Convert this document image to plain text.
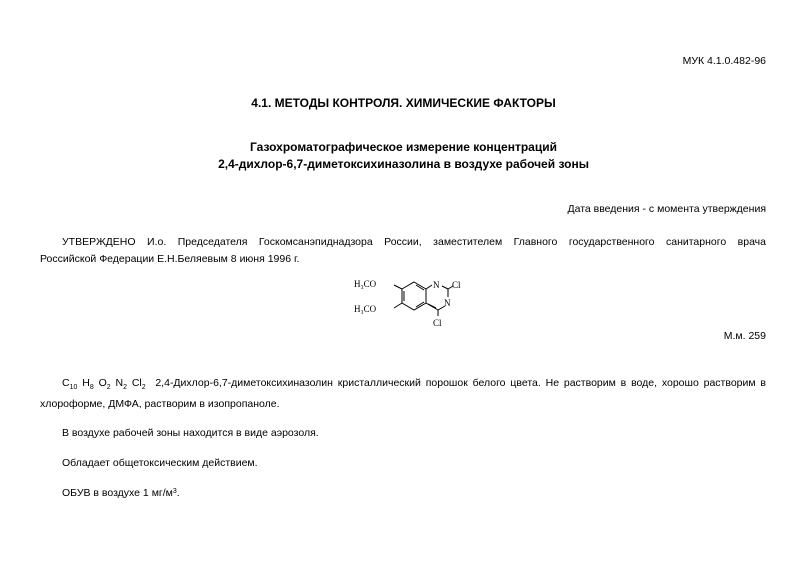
МУК 4.1.0.482-96
4.1. МЕТОДЫ КОНТРОЛЯ. ХИМИЧЕСКИЕ ФАКТОРЫ
Газохроматографическое измерение концентраций
2,4-дихлор-6,7-диметоксихиназолина в воздухе рабочей зоны
Дата введения - с момента утверждения
УТВЕРЖДЕНО И.о. Председателя Госкомсанэпиднадзора России, заместителем Главного государственного санитарного врача
Российской Федерации Е.Н.Беляевым 8 июня 1996 г.
H₃CO
H₃CO
N
N
Cl
Cl
М.м. 259
$C_{10}$ $H_8$ $O_2$ $N_2$ $Cl_2$ 2,4-Дихлор-6,7-диметоксихиназолин кристаллический порошок белого цвета. Не растворим в воде, хорошо растворим в
хлороформе, ДМФА, растворим в изопропаноле.
В воздухе рабочей зоны находится в виде аэрозоля.
Обладает общетоксическим действием.
ОБУВ в воздухе 1 $мг/м^3$.
